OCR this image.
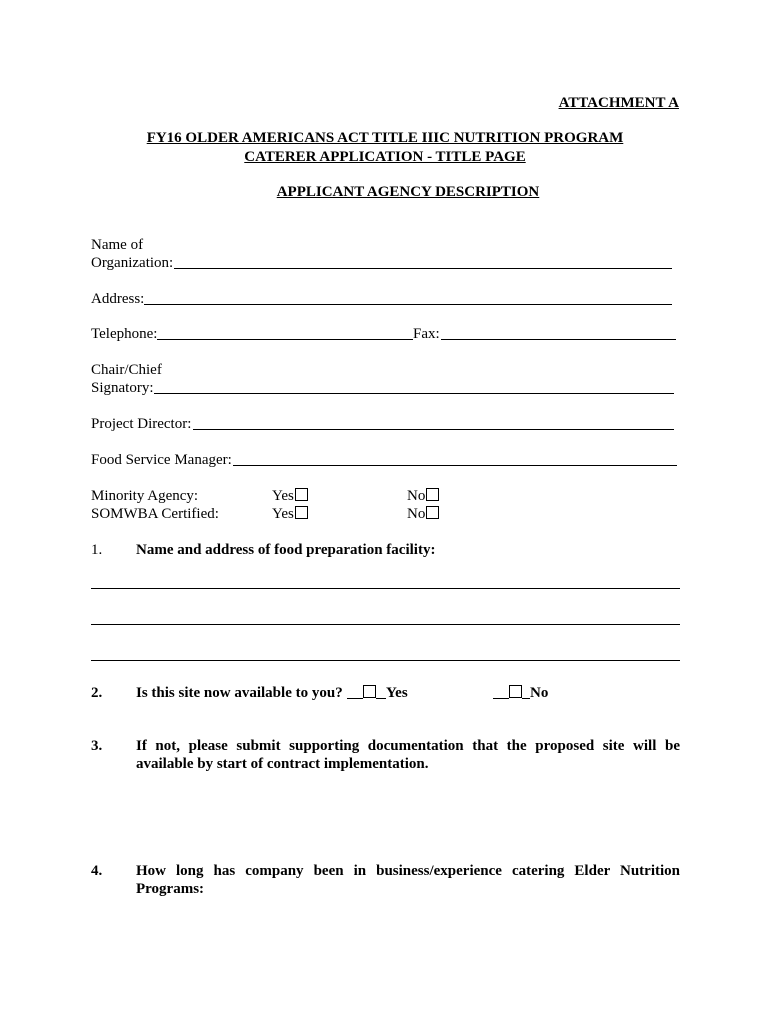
ATTACHMENT A
FY16 OLDER AMERICANS ACT TITLE IIIC NUTRITION PROGRAM
CATERER APPLICATION - TITLE PAGE
APPLICANT AGENCY DESCRIPTION
Name of
Organization:
Address:
Telephone:	Fax:
Chair/Chief
Signatory:
Project Director:
Food Service Manager:
Minority Agency:	Yes	No
SOMWBA Certified:	Yes	No
1. Name and address of food preparation facility:
2. Is this site now available to you?	Yes	No
3. If not, please submit supporting documentation that the proposed site will be available by start of contract implementation.
4. How long has company been in business/experience catering Elder Nutrition Programs:
